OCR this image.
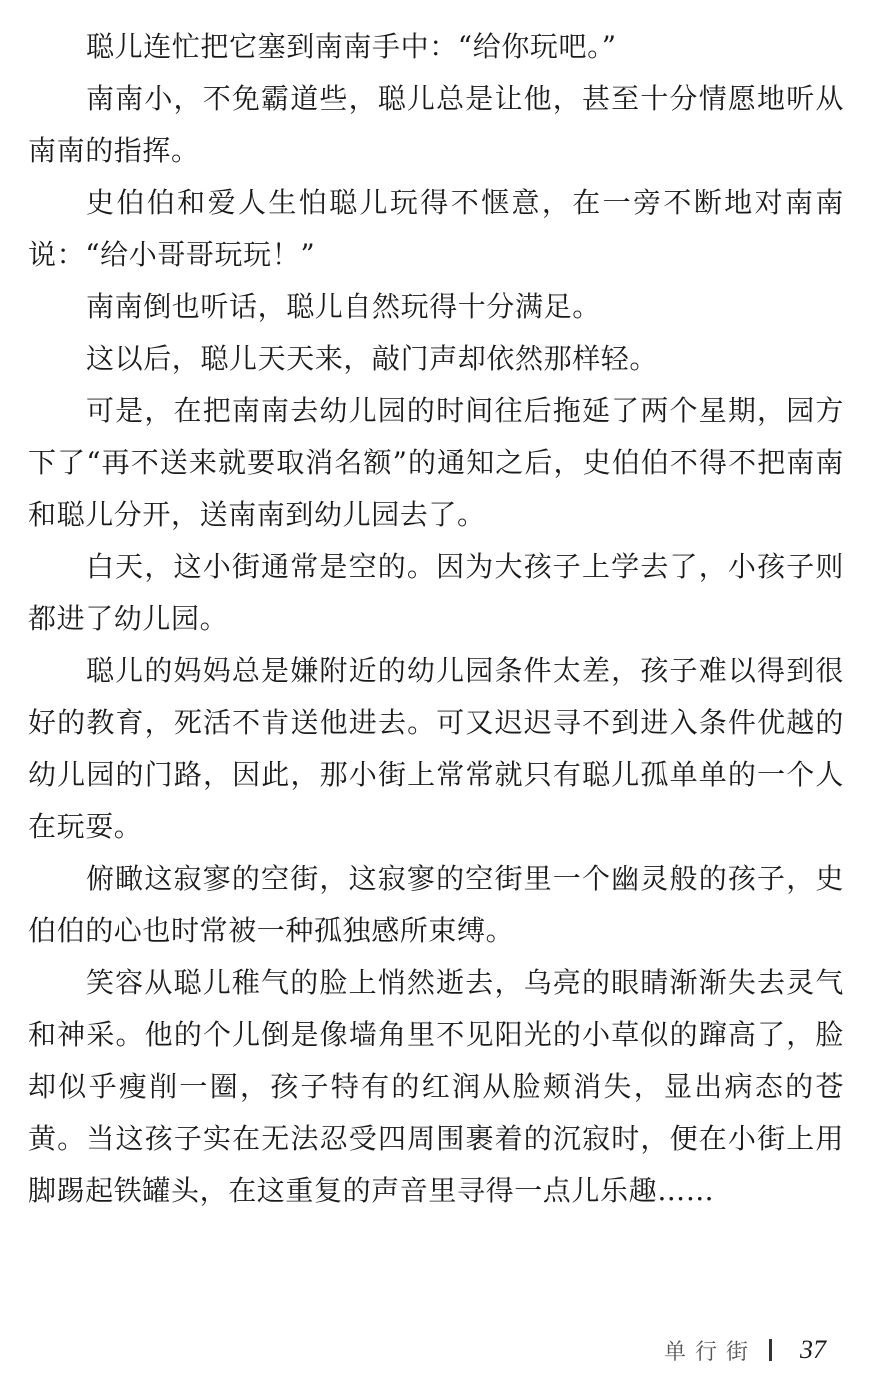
聪儿连忙把它塞到南南手中：“给你玩吧。”

南南小，不免霸道些，聪儿总是让他，甚至十分情愿地听从南南的指挥。

史伯伯和爱人生怕聪儿玩得不惬意，在一旁不断地对南南说：“给小哥哥玩玩！”

南南倒也听话，聪儿自然玩得十分满足。

这以后，聪儿天天来，敲门声却依然那样轻。

可是，在把南南去幼儿园的时间往后拖延了两个星期，园方下了“再不送来就要取消名额”的通知之后，史伯伯不得不把南南和聪儿分开，送南南到幼儿园去了。

白天，这小街通常是空的。因为大孩子上学去了，小孩子则都进了幼儿园。

聪儿的妈妈总是嫌附近的幼儿园条件太差，孩子难以得到很好的教育，死活不肯送他进去。可又迟迟寻不到进入条件优越的幼儿园的门路，因此，那小街上常常就只有聪儿孤单单的一个人在玩耍。

俯瞰这寂寥的空街，这寂寥的空街里一个幽灵般的孩子，史伯伯的心也时常被一种孤独感所束缚。

笑容从聪儿稚气的脸上悄然逝去，乌亮的眼睛渐渐失去灵气和神采。他的个儿倒是像墙角里不见阳光的小草似的蹿高了，脸却似乎瘦削一圈，孩子特有的红润从脸颊消失，显出病态的苍黄。当这孩子实在无法忍受四周围裹着的沉寂时，便在小街上用脚踢起铁罐头，在这重复的声音里寻得一点儿乐趣……

单行街 37
